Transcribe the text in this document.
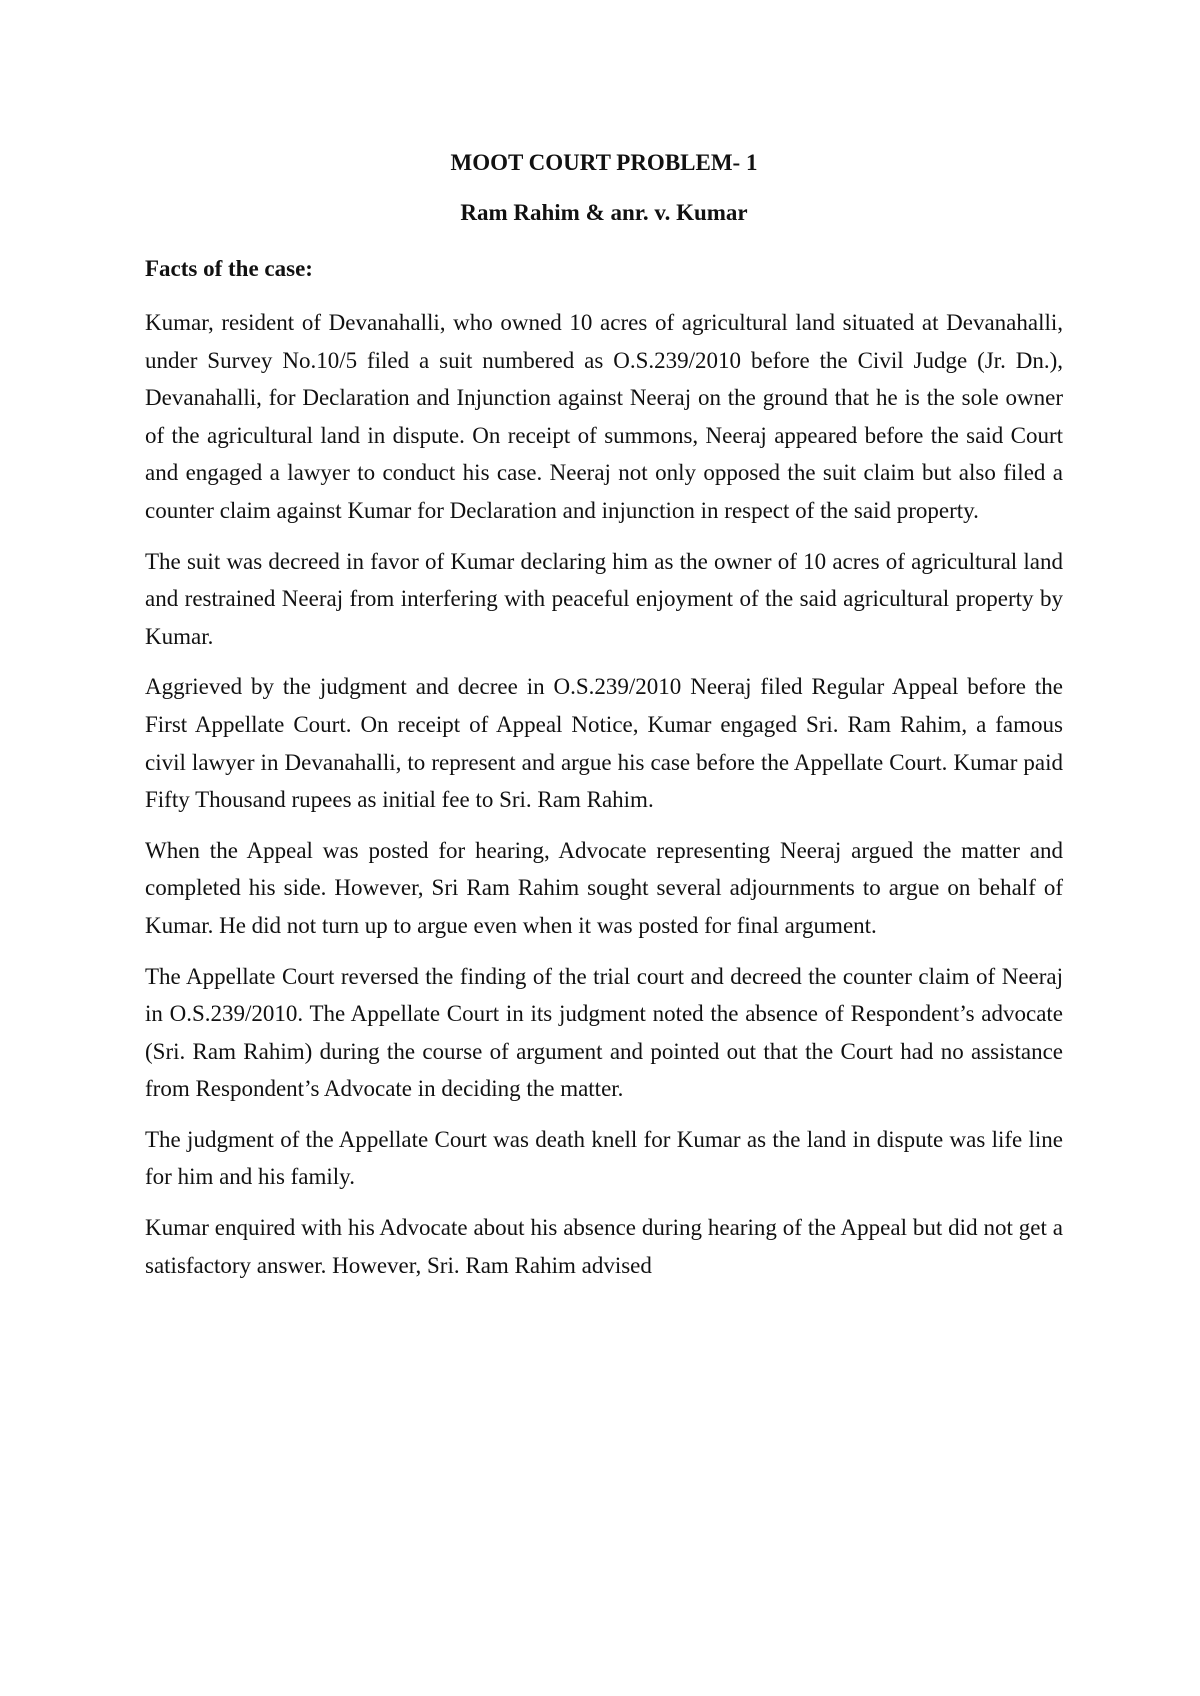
MOOT COURT PROBLEM- 1

Ram Rahim & anr. v. Kumar

Facts of the case:

Kumar, resident of Devanahalli, who owned 10 acres of agricultural land situated at Devanahalli, under Survey No.10/5 filed a suit numbered as O.S.239/2010 before the Civil Judge (Jr. Dn.), Devanahalli, for Declaration and Injunction against Neeraj on the ground that he is the sole owner of the agricultural land in dispute. On receipt of summons, Neeraj appeared before the said Court and engaged a lawyer to conduct his case. Neeraj not only opposed the suit claim but also filed a counter claim against Kumar for Declaration and injunction in respect of the said property.

The suit was decreed in favor of Kumar declaring him as the owner of 10 acres of agricultural land and restrained Neeraj from interfering with peaceful enjoyment of the said agricultural property by Kumar.

Aggrieved by the judgment and decree in O.S.239/2010 Neeraj filed Regular Appeal before the First Appellate Court. On receipt of Appeal Notice, Kumar engaged Sri. Ram Rahim, a famous civil lawyer in Devanahalli, to represent and argue his case before the Appellate Court. Kumar paid Fifty Thousand rupees as initial fee to Sri. Ram Rahim.

When the Appeal was posted for hearing, Advocate representing Neeraj argued the matter and completed his side. However, Sri Ram Rahim sought several adjournments to argue on behalf of Kumar. He did not turn up to argue even when it was posted for final argument.

The Appellate Court reversed the finding of the trial court and decreed the counter claim of Neeraj in O.S.239/2010. The Appellate Court in its judgment noted the absence of Respondent’s advocate (Sri. Ram Rahim) during the course of argument and pointed out that the Court had no assistance from Respondent’s Advocate in deciding the matter.

The judgment of the Appellate Court was death knell for Kumar as the land in dispute was life line for him and his family.

Kumar enquired with his Advocate about his absence during hearing of the Appeal but did not get a satisfactory answer. However, Sri. Ram Rahim advised
